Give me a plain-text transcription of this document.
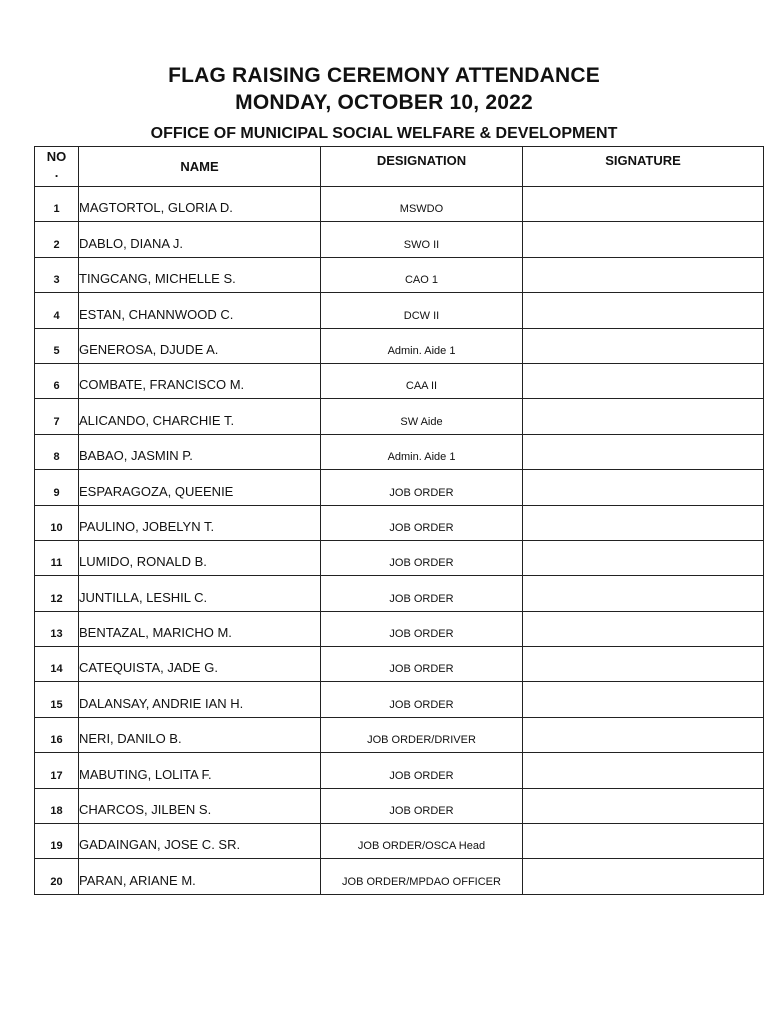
FLAG RAISING CEREMONY ATTENDANCE
MONDAY, OCTOBER 10, 2022
OFFICE OF MUNICIPAL SOCIAL WELFARE & DEVELOPMENT
NO
.	NAME	DESIGNATION	SIGNATURE
1	MAGTORTOL, GLORIA D.	MSWDO	
2	DABLO, DIANA J.	SWO II	
3	TINGCANG, MICHELLE S.	CAO 1	
4	ESTAN, CHANNWOOD C.	DCW II	
5	GENEROSA, DJUDE A.	Admin. Aide 1	
6	COMBATE, FRANCISCO M.	CAA II	
7	ALICANDO, CHARCHIE T.	SW Aide	
8	BABAO, JASMIN P.	Admin. Aide 1	
9	ESPARAGOZA, QUEENIE	JOB ORDER	
10	PAULINO, JOBELYN T.	JOB ORDER	
11	LUMIDO, RONALD B.	JOB ORDER	
12	JUNTILLA, LESHIL C.	JOB ORDER	
13	BENTAZAL, MARICHO M.	JOB ORDER	
14	CATEQUISTA, JADE G.	JOB ORDER	
15	DALANSAY, ANDRIE IAN H.	JOB ORDER	
16	NERI, DANILO B.	JOB ORDER/DRIVER	
17	MABUTING, LOLITA F.	JOB ORDER	
18	CHARCOS, JILBEN S.	JOB ORDER	
19	GADAINGAN, JOSE C. SR.	JOB ORDER/OSCA Head	
20	PARAN, ARIANE M.	JOB ORDER/MPDAO OFFICER	
